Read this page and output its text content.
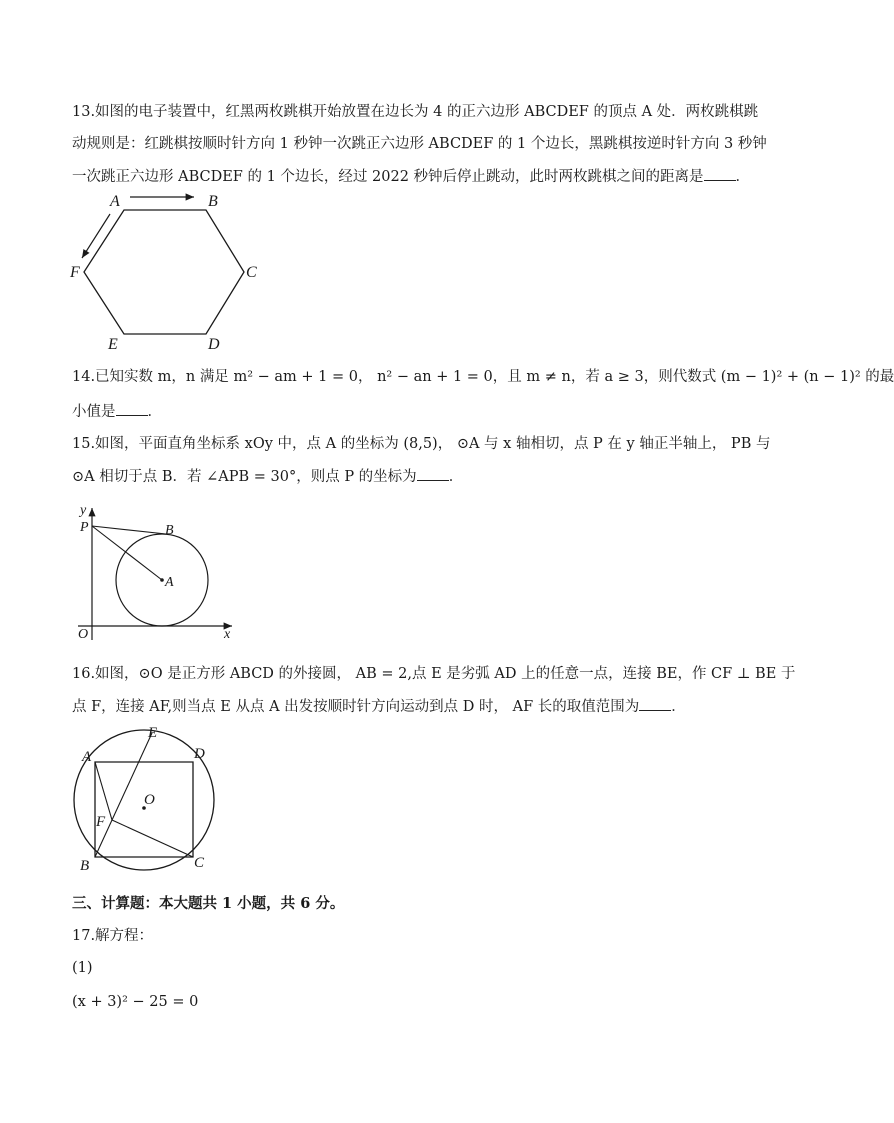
13.如图的电子装置中，红黑两枚跳棋开始放置在边长为 4 的正六边形 ABCDEF 的顶点 A 处．两枚跳棋跳
动规则是：红跳棋按顺时针方向 1 秒钟一次跳正六边形 ABCDEF 的 1 个边长，黑跳棋按逆时针方向 3 秒钟
一次跳正六边形 ABCDEF 的 1 个边长，经过 2022 秒钟后停止跳动，此时两枚跳棋之间的距离是 ．
A	B
C
D
E
F
14.已知实数 m，n 满足 m² − am + 1 = 0， n² − an + 1 = 0，且 m ≠ n，若 a ≥ 3，则代数式 (m − 1)² + (n − 1)² 的最
小值是 ．
15.如图，平面直角坐标系 xOy 中，点 A 的坐标为 (8,5)， ⊙A 与 x 轴相切，点 P 在 y 轴正半轴上， PB 与
⊙A 相切于点 B．若 ∠APB = 30°，则点 P 的坐标为 ．
y
P	B
A
O	x
16.如图，⊙O 是正方形 ABCD 的外接圆， AB = 2,点 E 是劣弧 AD 上的任意一点，连接 BE，作 CF ⊥ BE 于
点 F，连接 AF,则当点 E 从点 A 出发按顺时针方向运动到点 D 时， AF 长的取值范围为 ．
A
E
D
O
F
B	C
三、计算题：本大题共 1 小题，共 6 分。
17.解方程：
(1)
(x + 3)² − 25 = 0
